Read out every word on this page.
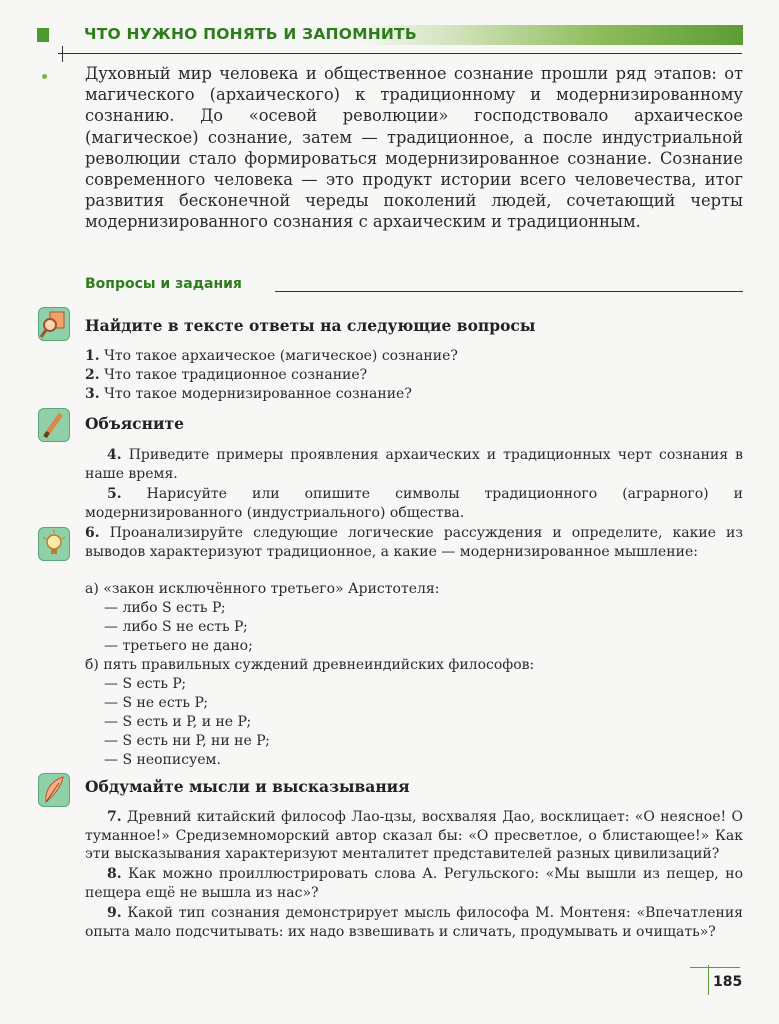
ЧТО НУЖНО ПОНЯТЬ И ЗАПОМНИТЬ
Духовный мир человека и общественное сознание прошли ряд этапов: от магического (архаического) к традиционному и модернизированному сознанию. До «осевой революции» господствовало архаическое (магическое) сознание, затем — традиционное, а после индустриальной революции стало формироваться модернизированное сознание. Сознание современного человека — это продукт истории всего человечества, итог развития бесконечной череды поколений людей, сочетающий черты модернизированного сознания с архаическим и традиционным.
Вопросы и задания
Найдите в тексте ответы на следующие вопросы
1. Что такое архаическое (магическое) сознание?
2. Что такое традиционное сознание?
3. Что такое модернизированное сознание?
Объясните
4. Приведите примеры проявления архаических и традиционных черт сознания в наше время.
5. Нарисуйте или опишите символы традиционного (аграрного) и модернизированного (индустриального) общества.
6. Проанализируйте следующие логические рассуждения и определите, какие из выводов характеризуют традиционное, а какие — модернизированное мышление:
а) «закон исключённого третьего» Аристотеля:
— либо S есть P;
— либо S не есть P;
— третьего не дано;
б) пять правильных суждений древнеиндийских философов:
— S есть P;
— S не есть P;
— S есть и P, и не P;
— S есть ни P, ни не P;
— S неописуем.
Обдумайте мысли и высказывания
7. Древний китайский философ Лао-цзы, восхваляя Дао, восклицает: «О неясное! О туманное!» Средиземноморский автор сказал бы: «О пресветлое, о блистающее!» Как эти высказывания характеризуют менталитет представителей разных цивилизаций?
8. Как можно проиллюстрировать слова А. Регульского: «Мы вышли из пещер, но пещера ещё не вышла из нас»?
9. Какой тип сознания демонстрирует мысль философа М. Монтеня: «Впечатления опыта мало подсчитывать: их надо взвешивать и сличать, продумывать и очищать»?
185
